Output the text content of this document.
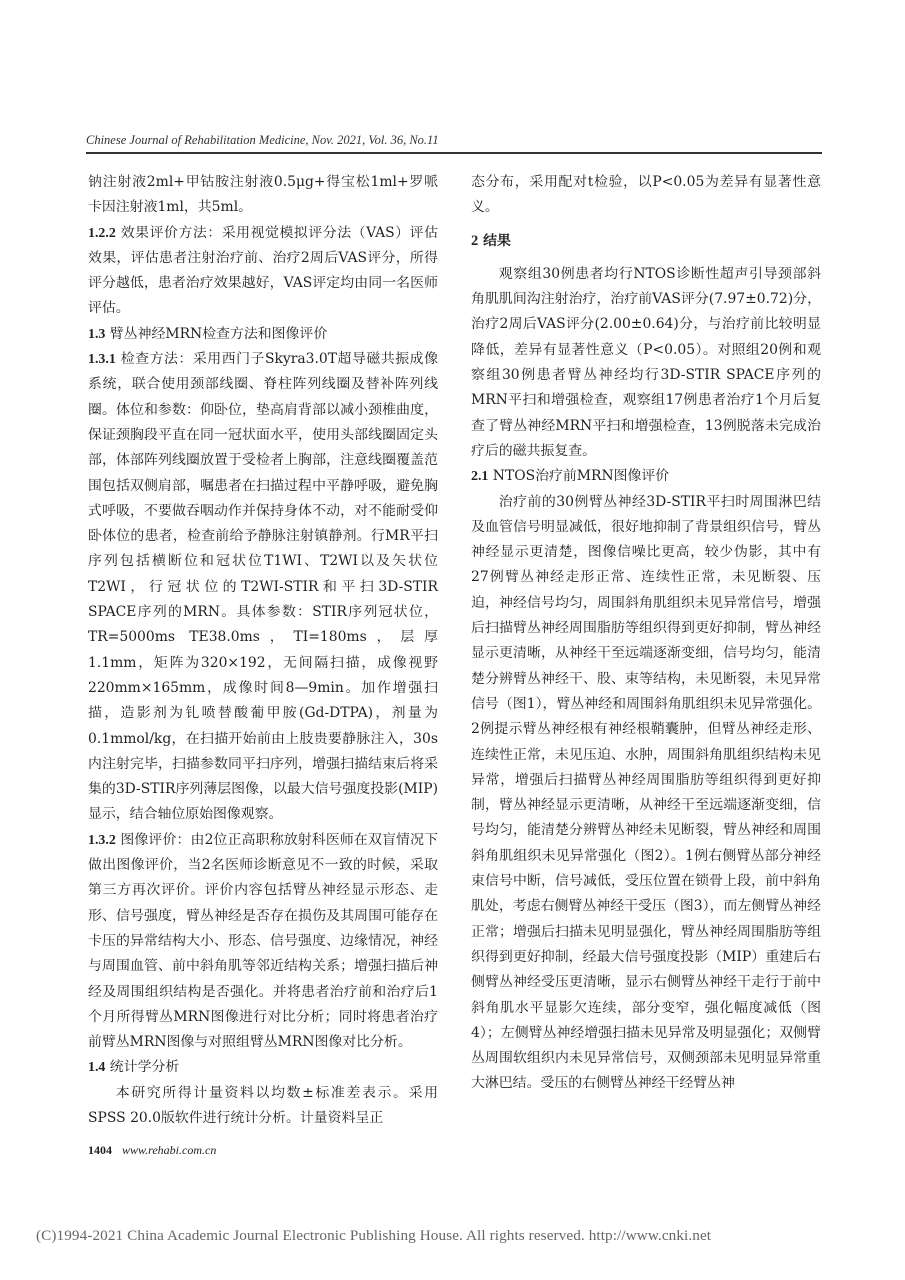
Chinese Journal of Rehabilitation Medicine, Nov. 2021, Vol. 36, No.11

钠注射液2ml+甲钴胺注射液0.5μg+得宝松1ml+罗哌卡因注射液1ml，共5ml。

1.2.2 效果评价方法：采用视觉模拟评分法（VAS）评估效果，评估患者注射治疗前、治疗2周后VAS评分，所得评分越低，患者治疗效果越好，VAS评定均由同一名医师评估。

1.3 臂丛神经MRN检查方法和图像评价

1.3.1 检查方法：采用西门子Skyra3.0T超导磁共振成像系统，联合使用颈部线圈、脊柱阵列线圈及替补阵列线圈。体位和参数：仰卧位，垫高肩背部以减小颈椎曲度，保证颈胸段平直在同一冠状面水平，使用头部线圈固定头部，体部阵列线圈放置于受检者上胸部，注意线圈覆盖范围包括双侧肩部，嘱患者在扫描过程中平静呼吸，避免胸式呼吸，不要做吞咽动作并保持身体不动，对不能耐受仰卧体位的患者，检查前给予静脉注射镇静剂。行MR平扫序列包括横断位和冠状位T1WI、T2WI以及矢状位T2WI，行冠状位的T2WI-STIR和平扫3D-STIR SPACE序列的MRN。具体参数：STIR序列冠状位，TR=5000ms TE38.0ms，TI=180ms，层厚1.1mm，矩阵为320×192，无间隔扫描，成像视野220mm×165mm，成像时间8—9min。加作增强扫描，造影剂为钆喷替酸葡甲胺(Gd-DTPA)，剂量为0.1mmol/kg，在扫描开始前由上肢贵要静脉注入，30s内注射完毕，扫描参数同平扫序列，增强扫描结束后将采集的3D-STIR序列薄层图像，以最大信号强度投影(MIP)显示，结合轴位原始图像观察。

1.3.2 图像评价：由2位正高职称放射科医师在双盲情况下做出图像评价，当2名医师诊断意见不一致的时候，采取第三方再次评价。评价内容包括臂丛神经显示形态、走形、信号强度，臂丛神经是否存在损伤及其周围可能存在卡压的异常结构大小、形态、信号强度、边缘情况，神经与周围血管、前中斜角肌等邻近结构关系；增强扫描后神经及周围组织结构是否强化。并将患者治疗前和治疗后1个月所得臂丛MRN图像进行对比分析；同时将患者治疗前臂丛MRN图像与对照组臂丛MRN图像对比分析。

1.4 统计学分析

本研究所得计量资料以均数±标准差表示。采用SPSS 20.0版软件进行统计分析。计量资料呈正

态分布，采用配对t检验，以P<0.05为差异有显著性意义。

2 结果

观察组30例患者均行NTOS诊断性超声引导颈部斜角肌肌间沟注射治疗，治疗前VAS评分(7.97±0.72)分，治疗2周后VAS评分(2.00±0.64)分，与治疗前比较明显降低，差异有显著性意义（P<0.05）。对照组20例和观察组30例患者臂丛神经均行3D-STIR SPACE序列的MRN平扫和增强检查，观察组17例患者治疗1个月后复查了臂丛神经MRN平扫和增强检查，13例脱落未完成治疗后的磁共振复查。

2.1 NTOS治疗前MRN图像评价

治疗前的30例臂丛神经3D-STIR平扫时周围淋巴结及血管信号明显减低，很好地抑制了背景组织信号，臂丛神经显示更清楚，图像信噪比更高，较少伪影，其中有27例臂丛神经走形正常、连续性正常，未见断裂、压迫，神经信号均匀，周围斜角肌组织未见异常信号，增强后扫描臂丛神经周围脂肪等组织得到更好抑制，臂丛神经显示更清晰，从神经干至远端逐渐变细，信号均匀，能清楚分辨臂丛神经干、股、束等结构，未见断裂，未见异常信号（图1），臂丛神经和周围斜角肌组织未见异常强化。2例提示臂丛神经根有神经根鞘囊肿，但臂丛神经走形、连续性正常，未见压迫、水肿，周围斜角肌组织结构未见异常，增强后扫描臂丛神经周围脂肪等组织得到更好抑制，臂丛神经显示更清晰，从神经干至远端逐渐变细，信号均匀，能清楚分辨臂丛神经未见断裂，臂丛神经和周围斜角肌组织未见异常强化（图2）。1例右侧臂丛部分神经束信号中断，信号减低，受压位置在锁骨上段，前中斜角肌处，考虑右侧臂丛神经干受压（图3），而左侧臂丛神经正常；增强后扫描未见明显强化，臂丛神经周围脂肪等组织得到更好抑制，经最大信号强度投影（MIP）重建后右侧臂丛神经受压更清晰，显示右侧臂丛神经干走行于前中斜角肌水平显影欠连续，部分变窄，强化幅度减低（图4）；左侧臂丛神经增强扫描未见异常及明显强化；双侧臂丛周围软组织内未见异常信号，双侧颈部未见明显异常重大淋巴结。受压的右侧臂丛神经干经臂丛神

1404 www.rehabi.com.cn
(C)1994-2021 China Academic Journal Electronic Publishing House. All rights reserved. http://www.cnki.net
